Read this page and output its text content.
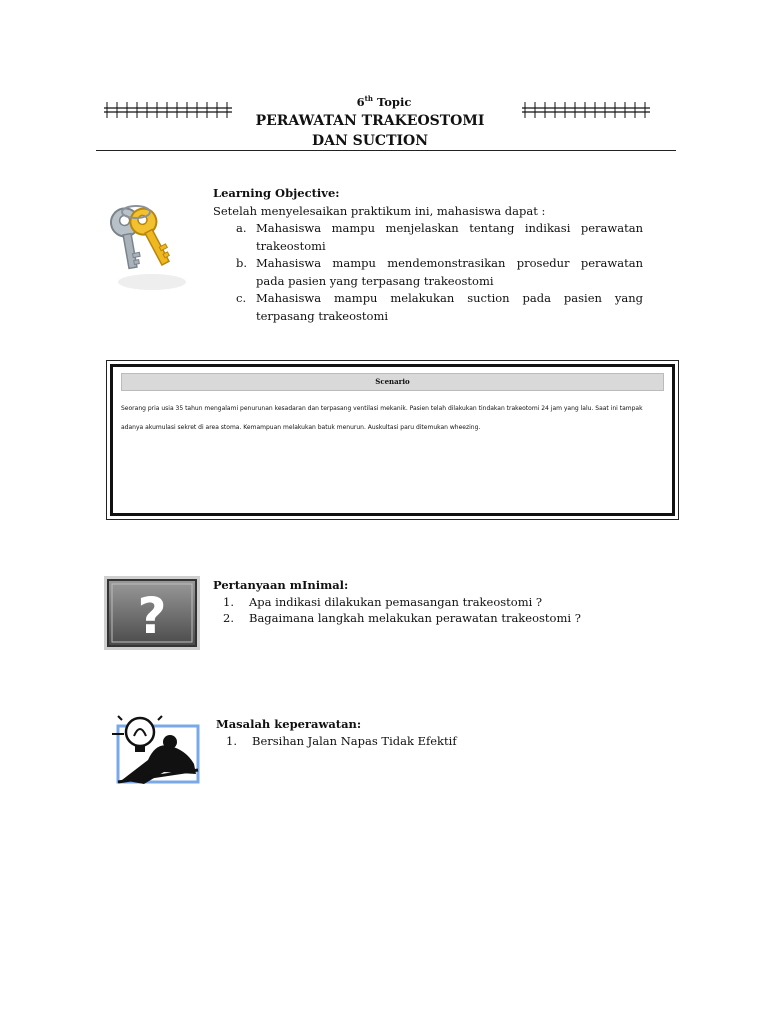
6th Topic
PERAWATAN TRAKEOSTOMI
DAN SUCTION
Learning Objective:
Setelah menyelesaikan praktikum ini, mahasiswa dapat :
a. Mahasiswa mampu menjelaskan tentang indikasi perawatan trakeostomi
b. Mahasiswa mampu mendemonstrasikan prosedur perawatan pada pasien yang terpasang trakeostomi
c. Mahasiswa mampu melakukan suction pada pasien yang terpasang trakeostomi
Scenario
Seorang pria usia 35 tahun mengalami penurunan kesadaran dan terpasang ventilasi mekanik. Pasien telah dilakukan tindakan trakeotomi 24 jam yang lalu. Saat ini tampak adanya akumulasi sekret di area stoma. Kemampuan melakukan batuk menurun. Auskultasi paru ditemukan wheezing.
?
Pertanyaan mInimal:
1. Apa indikasi dilakukan pemasangan trakeostomi ?
2. Bagaimana langkah melakukan perawatan trakeostomi ?
Masalah keperawatan:
1. Bersihan Jalan Napas Tidak Efektif
